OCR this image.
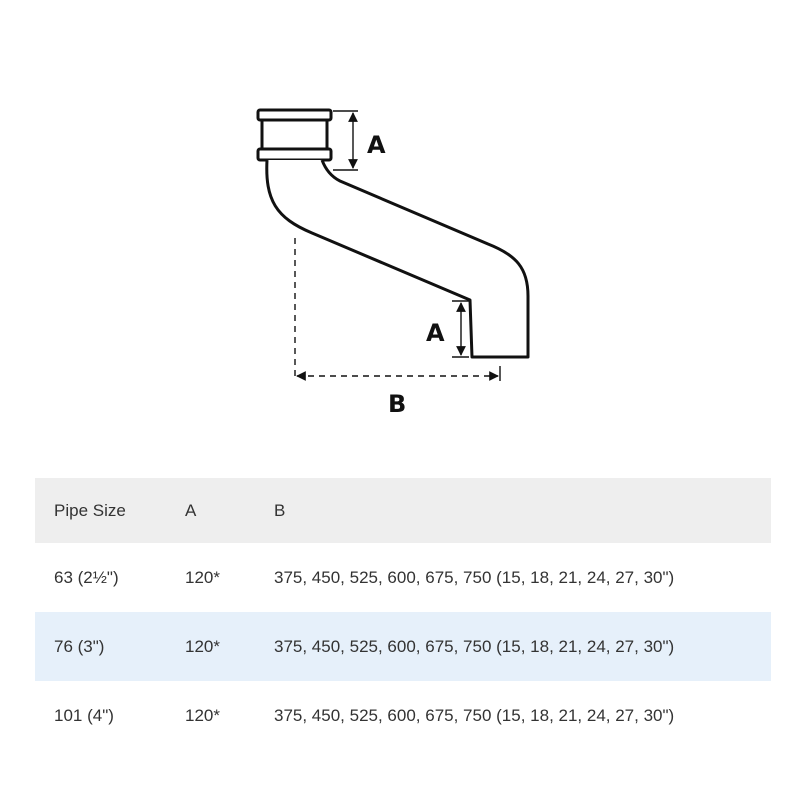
A
A
B
Pipe Size	A	B
63 (2½")	120*	375, 450, 525, 600, 675, 750 (15, 18, 21, 24, 27, 30")
76 (3")	120*	375, 450, 525, 600, 675, 750 (15, 18, 21, 24, 27, 30")
101 (4")	120*	375, 450, 525, 600, 675, 750 (15, 18, 21, 24, 27, 30")
